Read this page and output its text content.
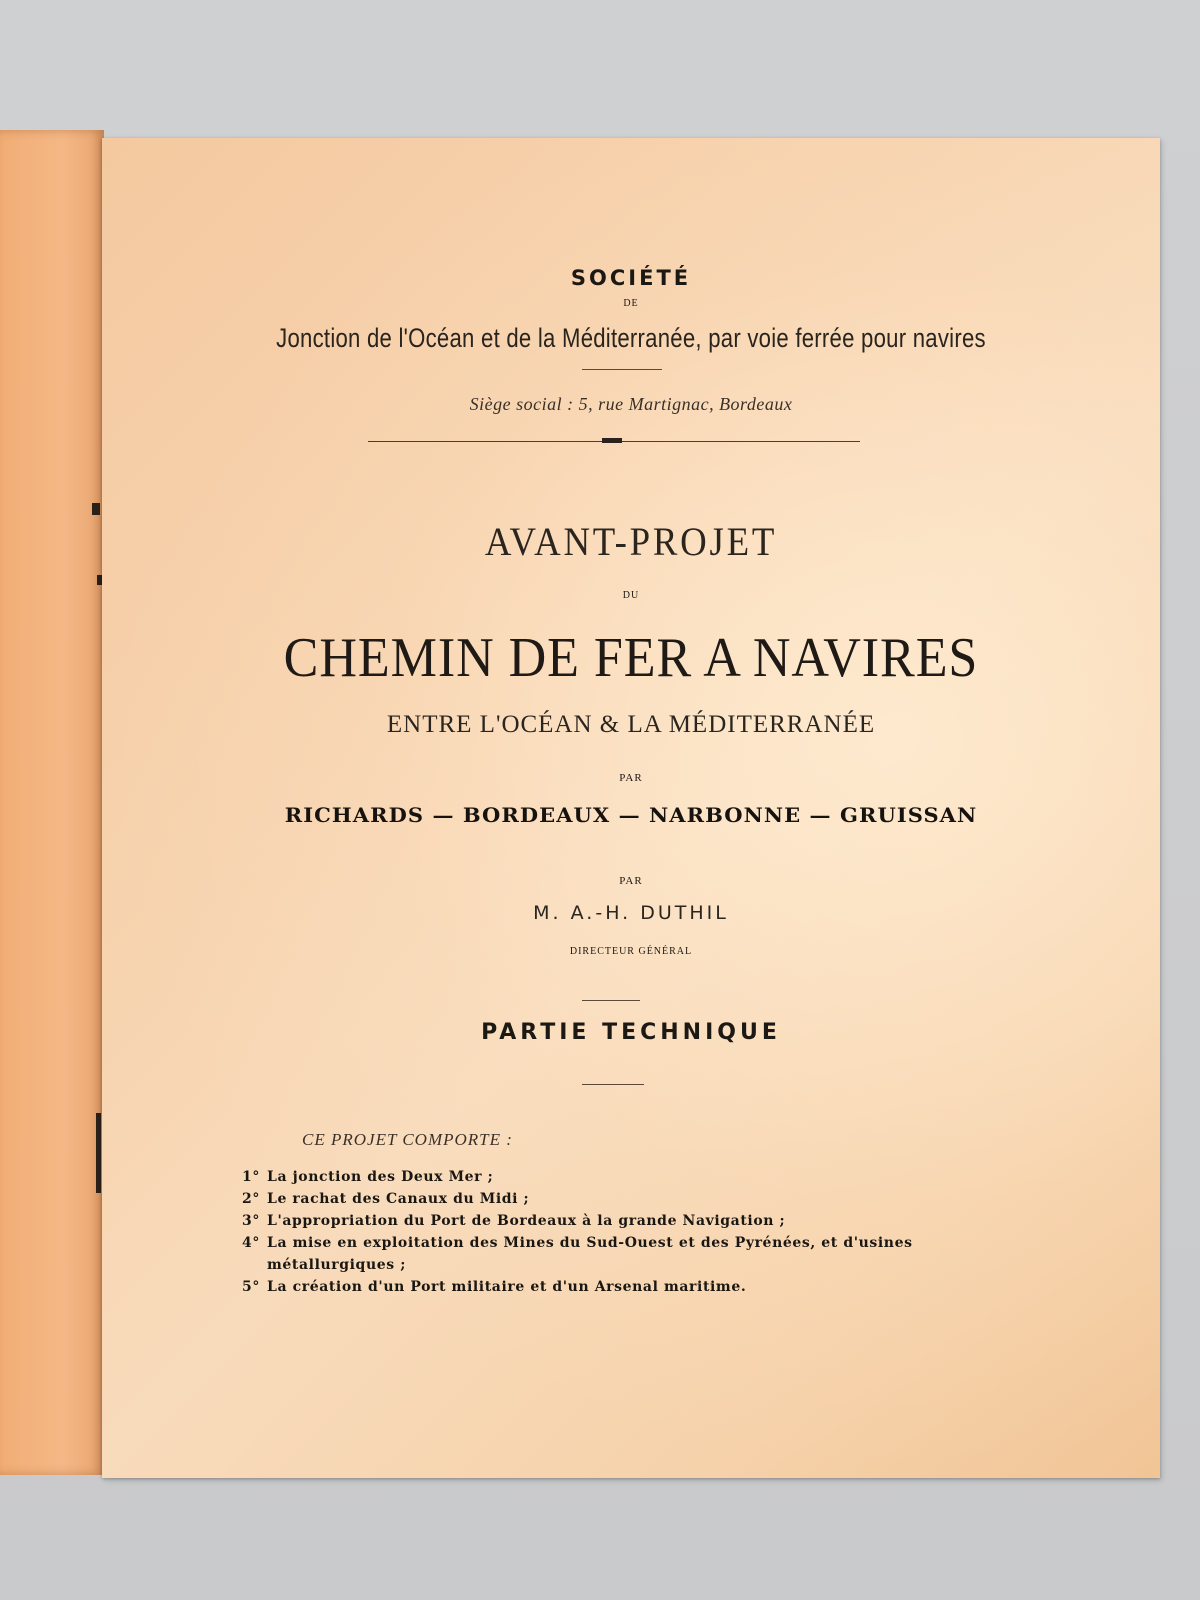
SOCIÉTÉ
DE
Jonction de l'Océan et de la Méditerranée, par voie ferrée pour navires
Siège social : 5, rue Martignac, Bordeaux
AVANT-PROJET
DU
CHEMIN DE FER A NAVIRES
ENTRE L'OCÉAN & LA MÉDITERRANÉE
PAR
RICHARDS — BORDEAUX — NARBONNE — GRUISSAN
PAR
M. A.-H. DUTHIL
DIRECTEUR GÉNÉRAL
PARTIE TECHNIQUE
CE PROJET COMPORTE :
1° La jonction des Deux Mer ;
2° Le rachat des Canaux du Midi ;
3° L'appropriation du Port de Bordeaux à la grande Navigation ;
4° La mise en exploitation des Mines du Sud-Ouest et des Pyrénées, et d'usines
métallurgiques ;
5° La création d'un Port militaire et d'un Arsenal maritime.
